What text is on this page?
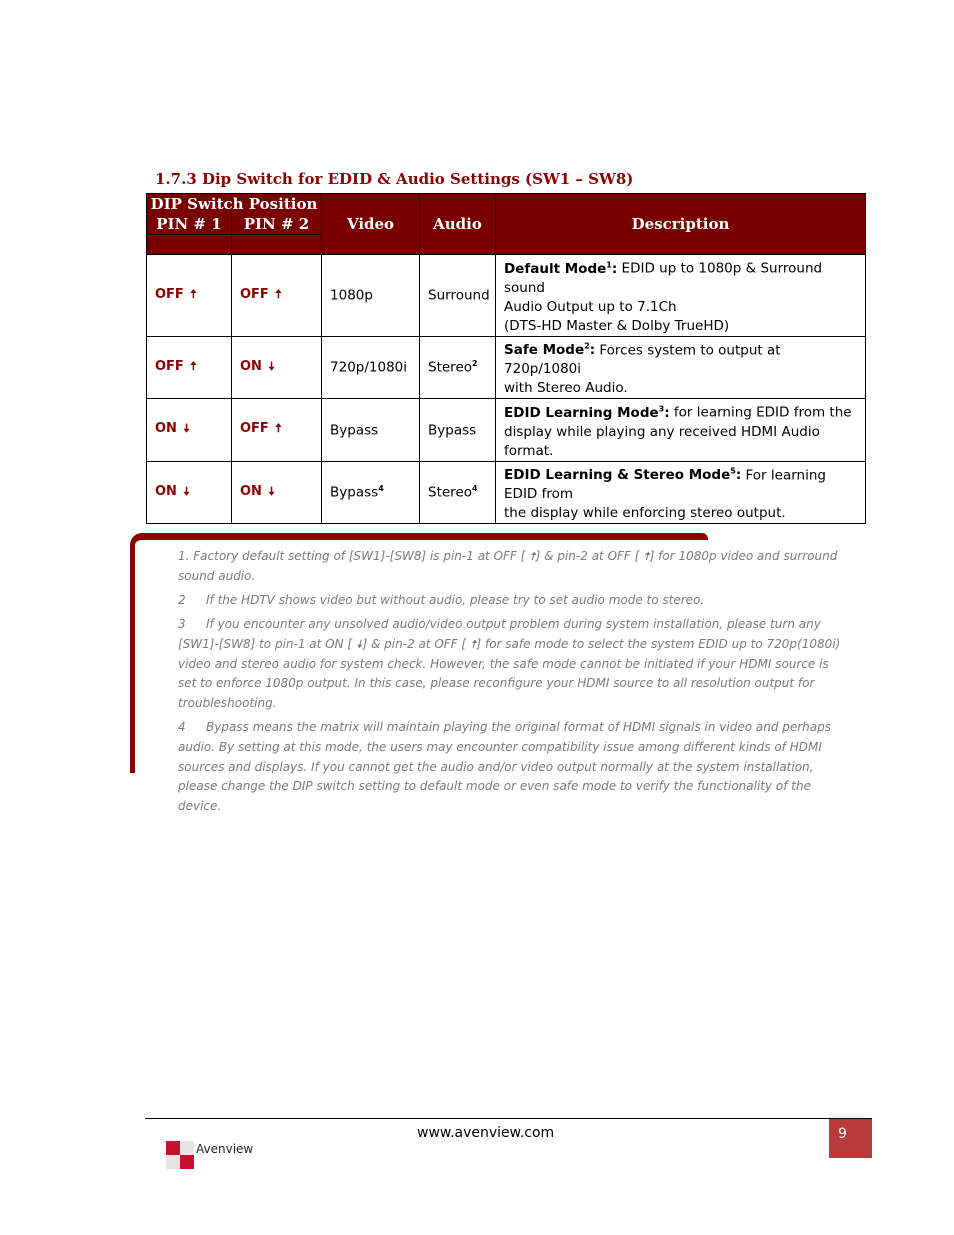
1.7.3 Dip Switch for EDID & Audio Settings (SW1 – SW8)
DIP Switch Position		Video	Audio	Description
PIN # 1	PIN # 2			

OFF 🠅	OFF 🠅	1080p	Surround	Default Mode$^1$: EDID up to 1080p & Surround sound
Audio Output up to 7.1Ch
(DTS-HD Master & Dolby TrueHD)
OFF 🠅	ON 🠇	720p/1080i	Stereo$^2$	Safe Mode$^2$: Forces system to output at 720p/1080i
with Stereo Audio.
ON 🠇	OFF 🠅	Bypass	Bypass	EDID Learning Mode$^3$: for learning EDID from the
display while playing any received HDMI Audio format.
ON 🠇	ON 🠇	Bypass$^4$	Stereo$^4$	EDID Learning & Stereo Mode$^5$: For learning EDID from
the display while enforcing stereo output.

1. Factory default setting of [SW1]-[SW8] is pin-1 at OFF [ 🠅] & pin-2 at OFF [ 🠅] for 1080p video and surround sound audio.

2 If the HDTV shows video but without audio, please try to set audio mode to stereo.

3 If you encounter any unsolved audio/video output problem during system installation, please turn any [SW1]-[SW8] to pin-1 at ON [ 🠇] & pin-2 at OFF [ 🠅] for safe mode to select the system EDID up to 720p(1080i) video and stereo audio for system check. However, the safe mode cannot be initiated if your HDMI source is set to enforce 1080p output. In this case, please reconfigure your HDMI source to all resolution output for troubleshooting.

4 Bypass means the matrix will maintain playing the original format of HDMI signals in video and perhaps audio. By setting at this mode, the users may encounter compatibility issue among different kinds of HDMI sources and displays. If you cannot get the audio and/or video output normally at the system installation, please change the DIP switch setting to default mode or even safe mode to verify the functionality of the device.

www.avenview.com	9
Avenview
